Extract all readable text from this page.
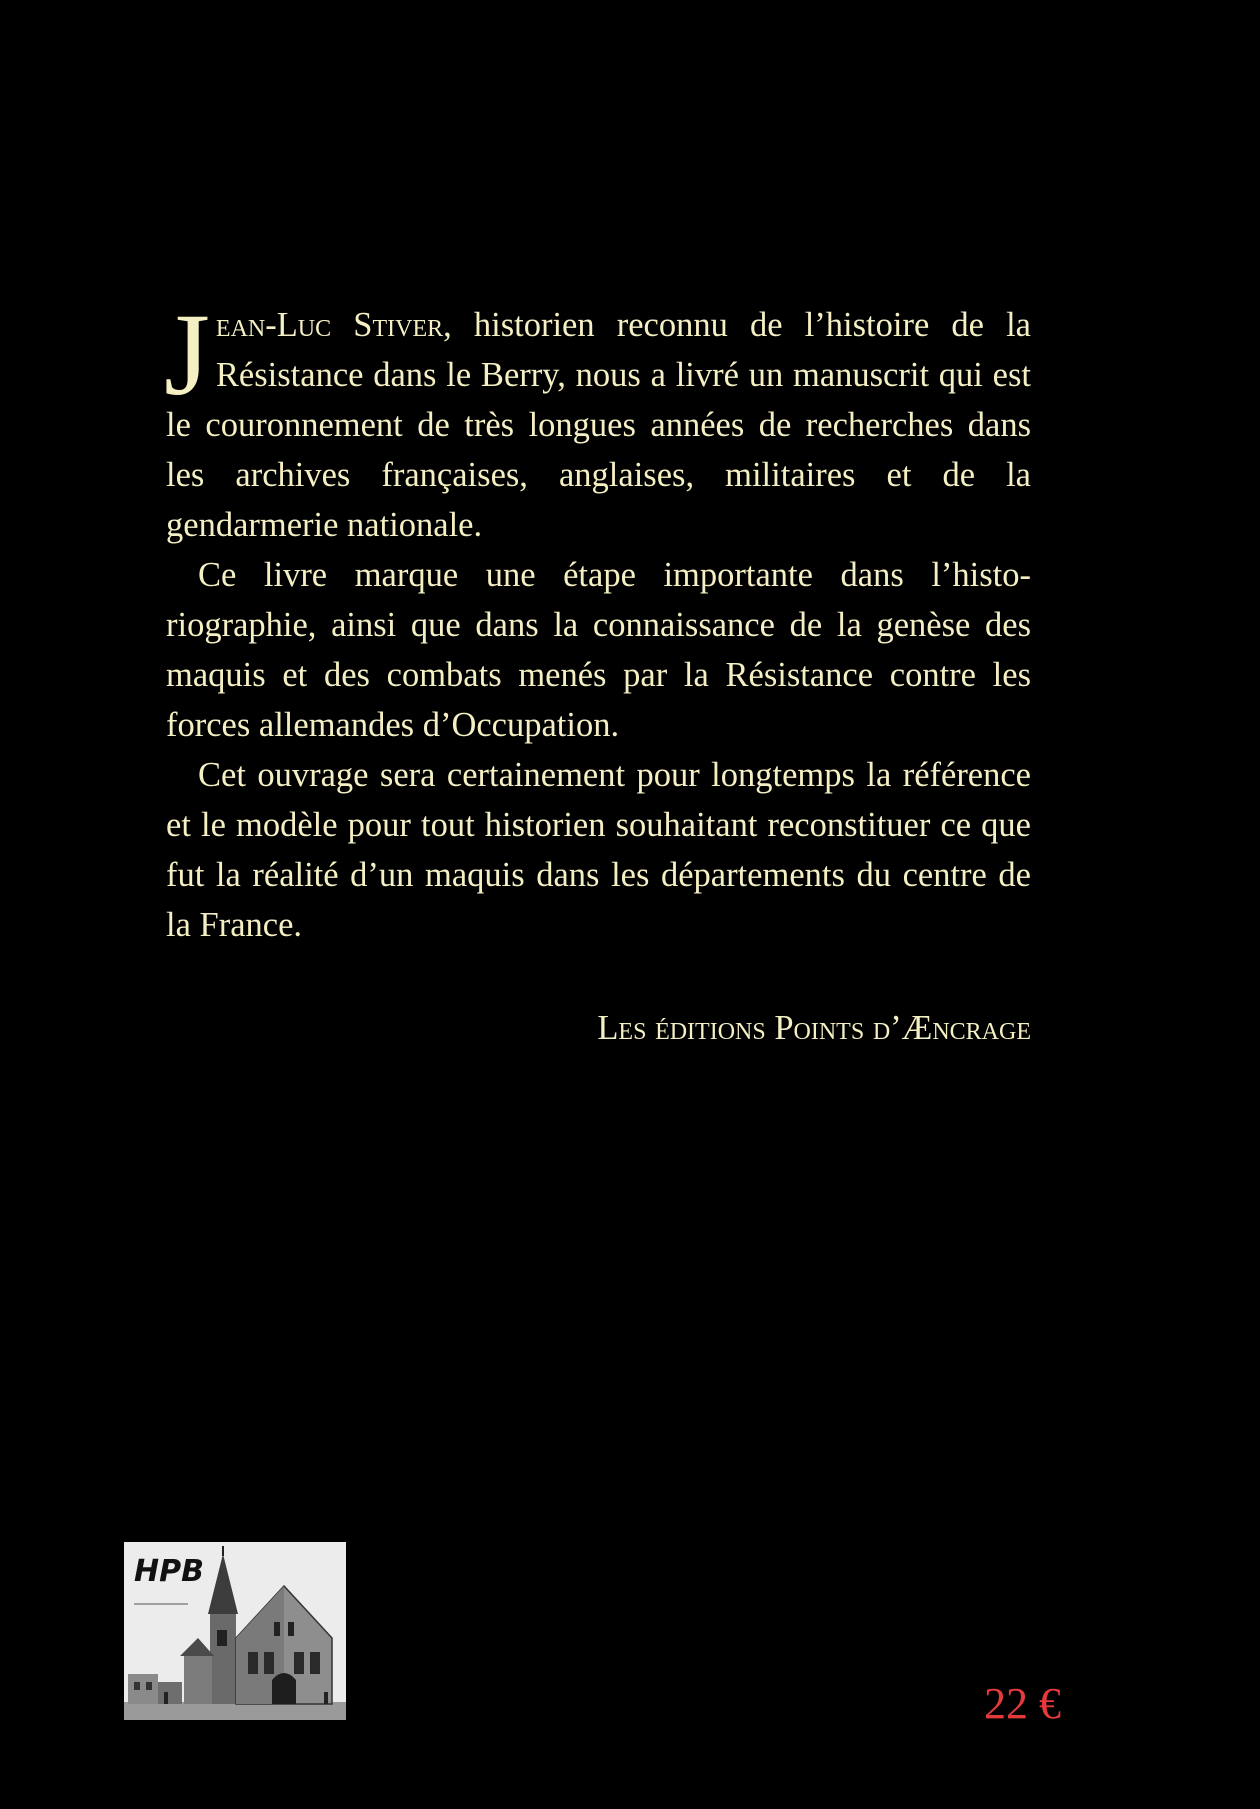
Jean-Luc Stiver, historien reconnu de l’histoire de la Résistance dans le Berry, nous a livré un manuscrit qui est le couronnement de très longues années de recherches dans les archives françaises, anglaises, militaires et de la gendarmerie nationale.

Ce livre marque une étape importante dans l’historiographie, ainsi que dans la connaissance de la genèse des maquis et des combats menés par la Résistance contre les forces allemandes d’Occupation.

Cet ouvrage sera certainement pour longtemps la référence et le modèle pour tout historien souhaitant reconstituer ce que fut la réalité d’un maquis dans les départements du centre de la France.

Les éditions Points d’Æncrage
HPB
22 €
